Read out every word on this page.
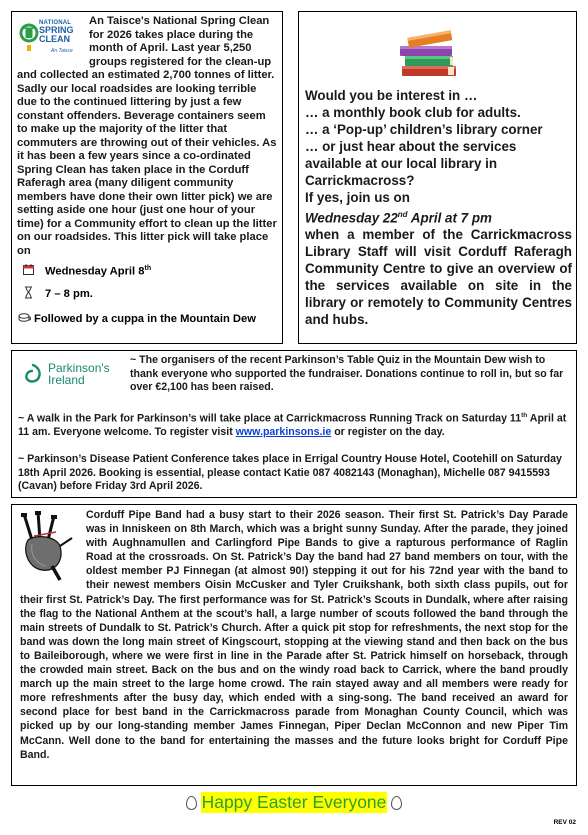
NATIONAL
SPRING
CLEAN
An Taisce

An Taisce's National Spring Clean for 2026 takes place during the month of April. Last year 5,250 groups registered for the clean-up and collected an estimated 2,700 tonnes of litter. Sadly our local roadsides are looking terrible due to the continued littering by just a few constant offenders. Beverage containers seem to make up the majority of the litter that commuters are throwing out of their vehicles. As it has been a few years since a co-ordinated Spring Clean has taken place in the Corduff Raferagh area (many diligent community members have done their own litter pick) we are setting aside one hour (just one hour of your time) for a Community effort to clean up the litter on our roadsides. This litter pick will take place on

Wednesday April 8th
7 – 8 pm.
Followed by a cuppa in the Mountain Dew
Would you be interest in …
… a monthly book club for adults.
… a ‘Pop-up’ children’s library corner
… or just hear about the services available at our local library in Carrickmacross?
If yes, join us on
Wednesday 22nd April at 7 pm
when a member of the Carrickmacross Library Staff will visit Corduff Raferagh Community Centre to give an overview of the services available on site in the library or remotely to Community Centres and hubs.
Parkinson's
Ireland

~ The organisers of the recent Parkinson’s Table Quiz in the Mountain Dew wish to thank everyone who supported the fundraiser. Donations continue to roll in, but so far over €2,100 has been raised.

~ A walk in the Park for Parkinson’s will take place at Carrickmacross Running Track on Saturday 11th April at 11 am. Everyone welcome. To register visit www.parkinsons.ie or register on the day.

~ Parkinson’s Disease Patient Conference takes place in Errigal Country House Hotel, Cootehill on Saturday 18th April 2026. Booking is essential, please contact Katie 087 4082143 (Monaghan), Michelle 087 9415593 (Cavan) before Friday 3rd April 2026.

Corduff Pipe Band had a busy start to their 2026 season. Their first St. Patrick’s Day Parade was in Inniskeen on 8th March, which was a bright sunny Sunday. After the parade, they joined with Aughnamullen and Carlingford Pipe Bands to give a rapturous performance of Raglin Road at the crossroads. On St. Patrick’s Day the band had 27 band members on tour, with the oldest member PJ Finnegan (at almost 90!) stepping it out for his 72nd year with the band to their newest members Oisin McCusker and Tyler Cruikshank, both sixth class pupils, out for their first St. Patrick’s Day. The first performance was for St. Patrick’s Scouts in Dundalk, where after raising the flag to the National Anthem at the scout’s hall, a large number of scouts followed the band through the main streets of Dundalk to St. Patrick’s Church. After a quick pit stop for refreshments, the next stop for the band was down the long main street of Kingscourt, stopping at the viewing stand and then back on the bus to Baileiborough, where we were first in line in the Parade after St. Patrick himself on horseback, through the crowded main street. Back on the bus and on the windy road back to Carrick, where the band proudly march up the main street to the large home crowd. The rain stayed away and all members were ready for more refreshments after the busy day, which ended with a sing-song. The band received an award for second place for best band in the Carrickmacross parade from Monaghan County Council, which was picked up by our long-standing member James Finnegan, Piper Declan McConnon and new Piper Tim McCann. Well done to the band for entertaining the masses and the future looks bright for Corduff Pipe Band.

Happy Easter Everyone
REV 02
